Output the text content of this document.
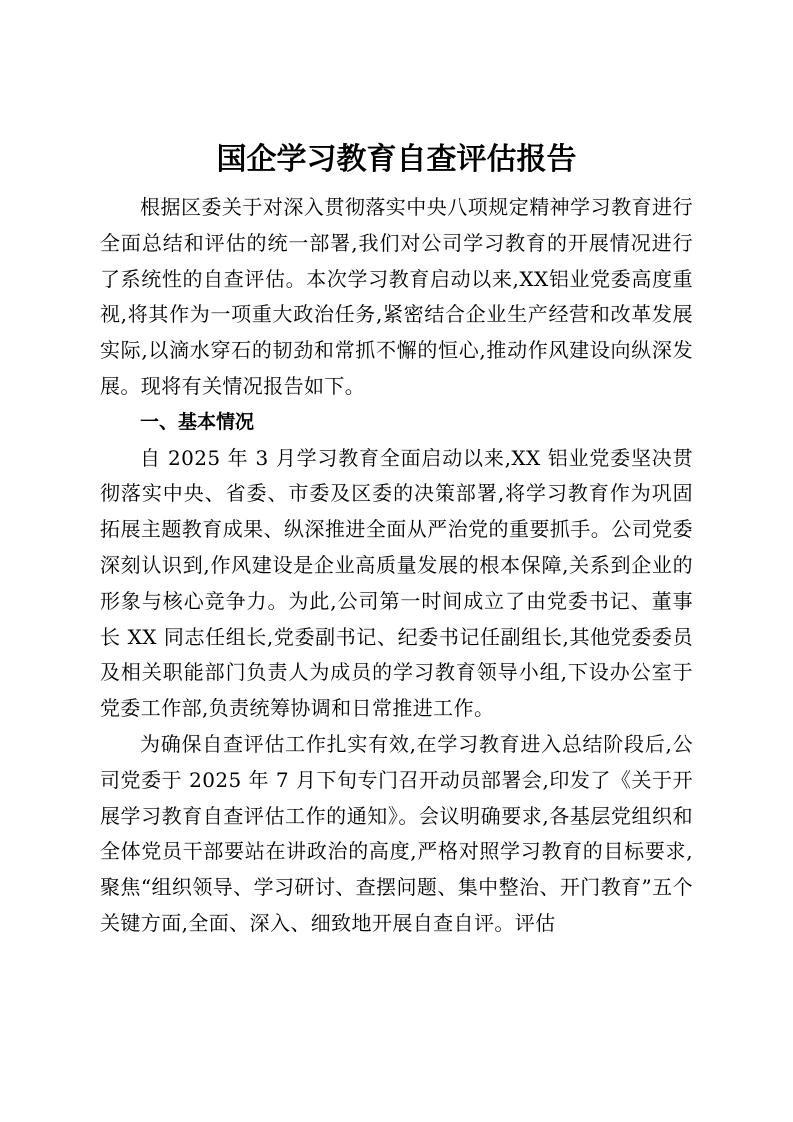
国企学习教育自查评估报告

根据区委关于对深入贯彻落实中央八项规定精神学习教育进行全面总结和评估的统一部署,我们对公司学习教育的开展情况进行了系统性的自查评估。本次学习教育启动以来,XX铝业党委高度重视,将其作为一项重大政治任务,紧密结合企业生产经营和改革发展实际,以滴水穿石的韧劲和常抓不懈的恒心,推动作风建设向纵深发展。现将有关情况报告如下。

一、基本情况

自 2025 年 3 月学习教育全面启动以来,XX 铝业党委坚决贯彻落实中央、省委、市委及区委的决策部署,将学习教育作为巩固拓展主题教育成果、纵深推进全面从严治党的重要抓手。公司党委深刻认识到,作风建设是企业高质量发展的根本保障,关系到企业的形象与核心竞争力。为此,公司第一时间成立了由党委书记、董事长 XX 同志任组长,党委副书记、纪委书记任副组长,其他党委委员及相关职能部门负责人为成员的学习教育领导小组,下设办公室于党委工作部,负责统筹协调和日常推进工作。

为确保自查评估工作扎实有效,在学习教育进入总结阶段后,公司党委于 2025 年 7 月下旬专门召开动员部署会,印发了《关于开展学习教育自查评估工作的通知》。会议明确要求,各基层党组织和全体党员干部要站在讲政治的高度,严格对照学习教育的目标要求,聚焦“组织领导、学习研讨、查摆问题、集中整治、开门教育”五个关键方面,全面、深入、细致地开展自查自评。评估
